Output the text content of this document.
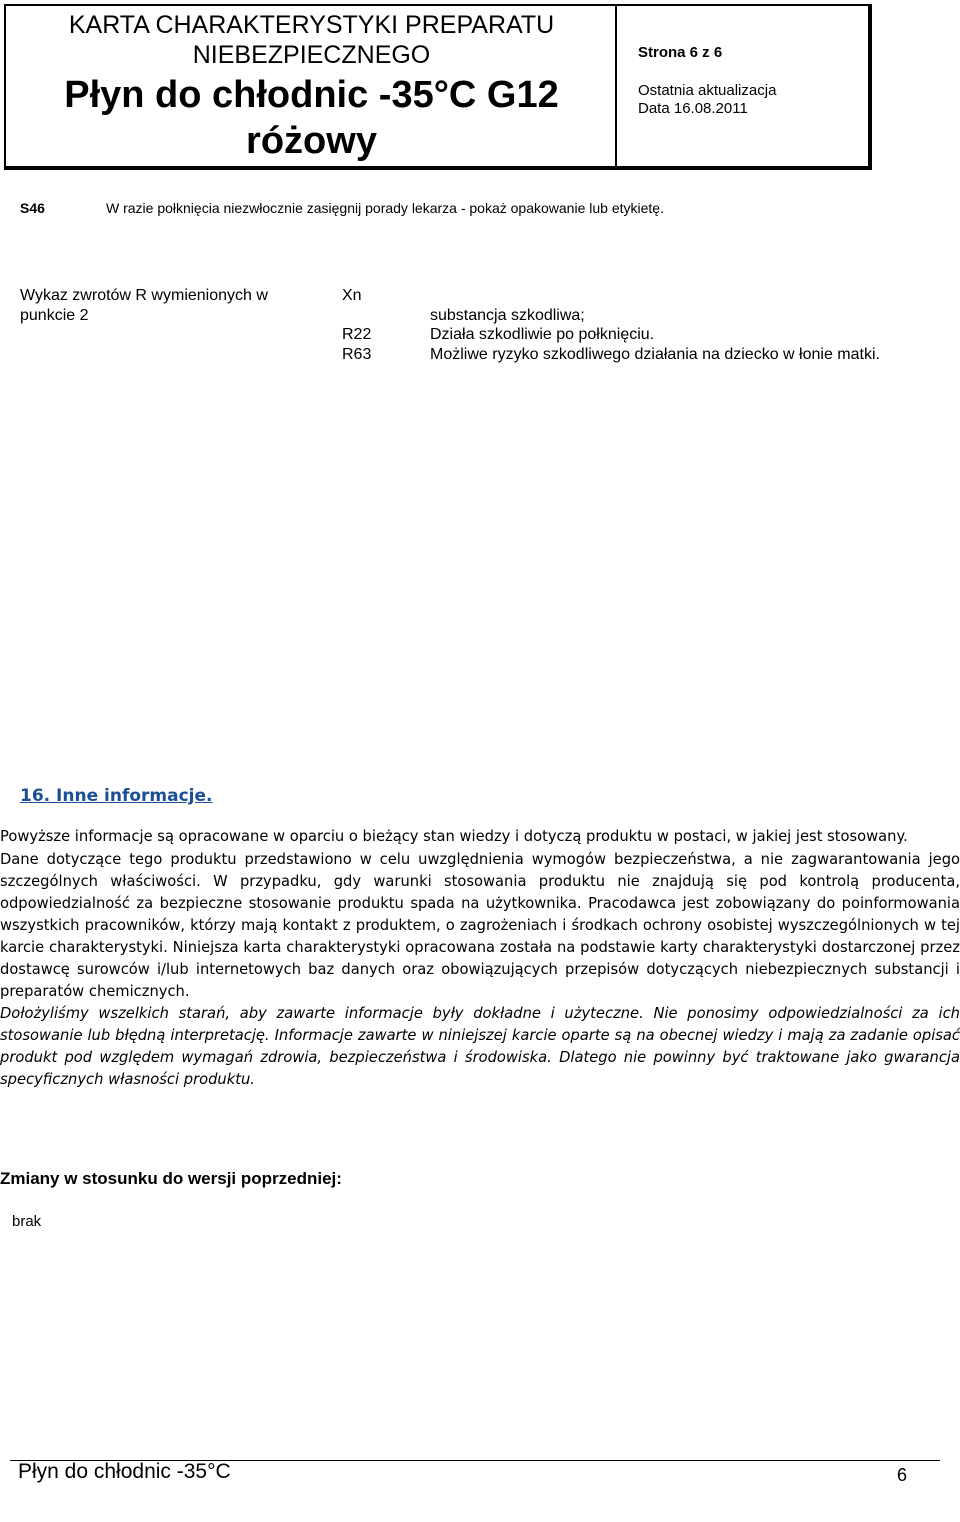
KARTA CHARAKTERYSTYKI PREPARATU
NIEBEZPIECZNEGO
Płyn do chłodnic -35°C G12
różowy
Strona 6 z 6
Ostatnia aktualizacja
Data 16.08.2011
S46	W razie połknięcia niezwłocznie zasięgnij porady lekarza - pokaż opakowanie lub etykietę.
Wykaz zwrotów R wymienionych w
punkcie 2
Xn
substancja szkodliwa;
R22	Działa szkodliwie po połknięciu.
R63	Możliwe ryzyko szkodliwego działania na dziecko w łonie matki.
16. Inne informacje.
Powyższe informacje są opracowane w oparciu o bieżący stan wiedzy i dotyczą produktu w postaci, w jakiej jest stosowany.
Dane dotyczące tego produktu przedstawiono w celu uwzględnienia wymogów bezpieczeństwa, a nie zagwarantowania jego szczególnych właściwości. W przypadku, gdy warunki stosowania produktu nie znajdują się pod kontrolą producenta, odpowiedzialność za bezpieczne stosowanie produktu spada na użytkownika. Pracodawca jest zobowiązany do poinformowania wszystkich pracowników, którzy mają kontakt z produktem, o zagrożeniach i środkach ochrony osobistej wyszczególnionych w tej karcie charakterystyki. Niniejsza karta charakterystyki opracowana została na podstawie karty charakterystyki dostarczonej przez dostawcę surowców i/lub internetowych baz danych oraz obowiązujących przepisów dotyczących niebezpiecznych substancji i preparatów chemicznych.
Dołożyliśmy wszelkich starań, aby zawarte informacje były dokładne i użyteczne. Nie ponosimy odpowiedzialności za ich stosowanie lub błędną interpretację. Informacje zawarte w niniejszej karcie oparte są na obecnej wiedzy i mają za zadanie opisać produkt pod względem wymagań zdrowia, bezpieczeństwa i środowiska. Dlatego nie powinny być traktowane jako gwarancja specyficznych własności produktu.
Zmiany w stosunku do wersji poprzedniej:
brak
Płyn do chłodnic -35°C	6
